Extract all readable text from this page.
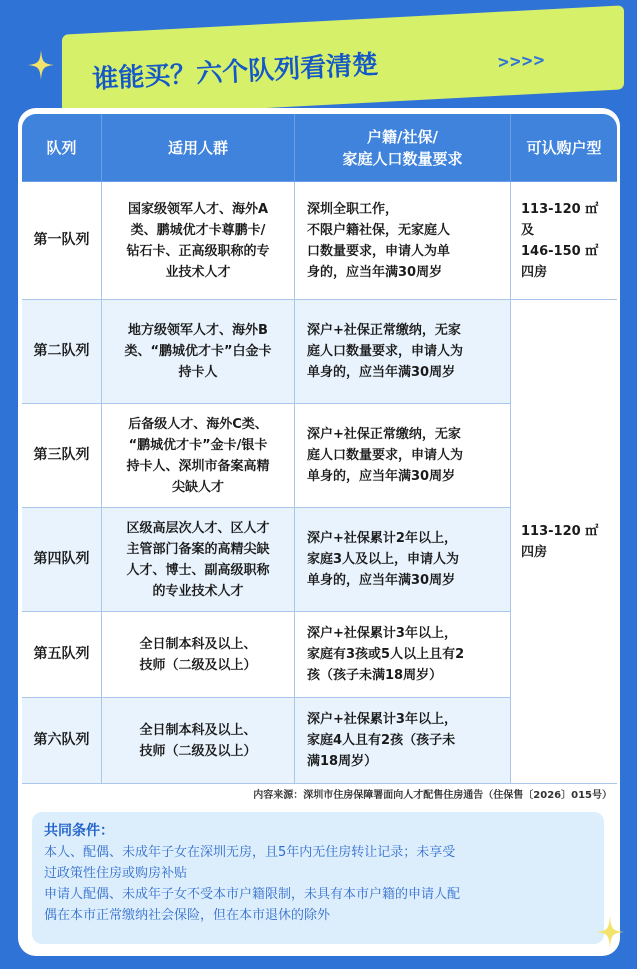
谁能买？六个队列看清楚	>>>>
队列	适用人群
户籍/社保/
家庭人口数量要求
可认购户型
第一队列
国家级领军人才、海外A
类、鹏城优才卡尊鹏卡/
钻石卡、正高级职称的专
业技术人才
深圳全职工作，
不限户籍社保，无家庭人
口数量要求，申请人为单
身的，应当年满30周岁
113-120 ㎡及
146-150 ㎡
四房
第二队列
地方级领军人才、海外B
类、“鹏城优才卡”白金卡
持卡人
深户+社保正常缴纳，无家
庭人口数量要求，申请人为
单身的，应当年满30周岁
113-120 ㎡
四房
第三队列
后备级人才、海外C类、
“鹏城优才卡”金卡/银卡
持卡人、深圳市备案高精
尖缺人才
深户+社保正常缴纳，无家
庭人口数量要求，申请人为
单身的，应当年满30周岁
第四队列
区级高层次人才、区人才
主管部门备案的高精尖缺
人才、博士、副高级职称
的专业技术人才
深户+社保累计2年以上，
家庭3人及以上，申请人为
单身的，应当年满30周岁
第五队列
全日制本科及以上、
技师（二级及以上）
深户+社保累计3年以上，
家庭有3孩或5人以上且有2
孩（孩子未满18周岁）
第六队列
全日制本科及以上、
技师（二级及以上）
深户+社保累计3年以上，
家庭4人且有2孩（孩子未
满18周岁）
内容来源：深圳市住房保障署面向人才配售住房通告（住保售〔2026〕015号）
共同条件：
本人、配偶、未成年子女在深圳无房，且5年内无住房转让记录；未享受
过政策性住房或购房补贴
申请人配偶、未成年子女不受本市户籍限制，未具有本市户籍的申请人配
偶在本市正常缴纳社会保险，但在本市退休的除外
